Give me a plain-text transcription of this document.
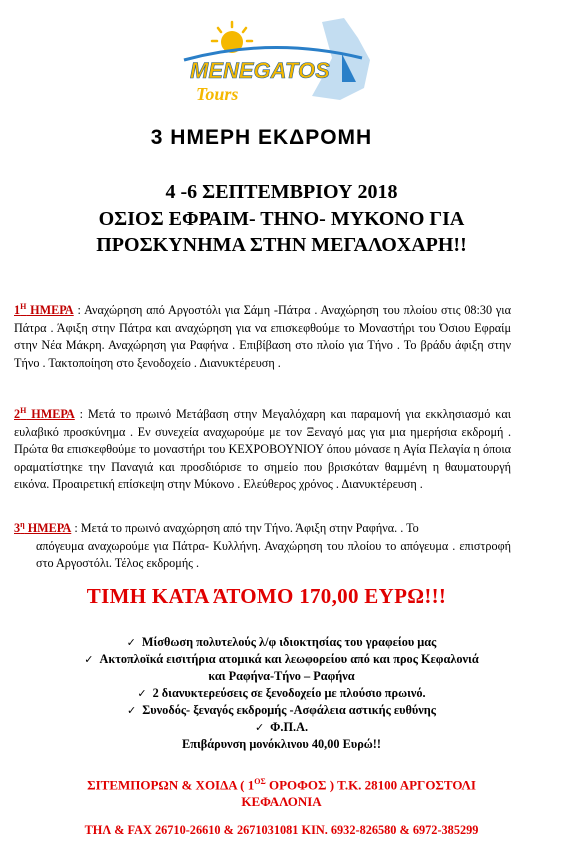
MENEGATOS
Tours
3 ΗΜΕΡΗ ΕΚΔΡΟΜΗ
4 -6 ΣΕΠΤΕΜΒΡΙΟΥ 2018
ΟΣΙΟΣ ΕΦΡΑΙΜ- ΤΗΝΟ- ΜΥΚΟΝΟ ΓΙΑ
ΠΡΟΣΚΥΝΗΜΑ ΣΤΗΝ ΜΕΓΑΛΟΧΑΡΗ!!
$1^H$ ΗΜΕΡΑ : Αναχώρηση από Αργοστόλι για Σάμη -Πάτρα . Αναχώρηση του πλοίου στις 08:30 για Πάτρα . Άφιξη στην Πάτρα και αναχώρηση για να επισκεφθούμε το Μοναστήρι του Όσιου Εφραίμ στην Νέα Μάκρη. Αναχώρηση για Ραφήνα . Επιβίβαση στο πλοίο για Τήνο . Το βράδυ άφιξη στην Τήνο . Τακτοποίηση στο ξενοδοχείο . Διανυκτέρευση .
$2^H$ ΗΜΕΡΑ : Μετά το πρωινό Μετάβαση στην Μεγαλόχαρη και παραμονή για εκκλησιασμό και ευλαβικό προσκύνημα . Εν συνεχεία αναχωρούμε με τον Ξεναγό μας για μια ημερήσια εκδρομή . Πρώτα θα επισκεφθούμε το μοναστήρι του ΚΕΧΡΟΒΟΥΝΙΟΥ όπου μόνασε η Αγία Πελαγία η όποια οραματίστηκε την Παναγιά και προσδιόρισε το σημείο που βρισκόταν θαμμένη η θαυματουργή εικόνα. Προαιρετική επίσκεψη στην Μύκονο . Ελεύθερος χρόνος . Διανυκτέρευση .
$3^\eta$ ΗΜΕΡΑ : Μετά το πρωινό αναχώρηση από την Τήνο. Άφιξη στην Ραφήνα. . Το
απόγευμα αναχωρούμε για Πάτρα- Κυλλήνη. Αναχώρηση του πλοίου το απόγευμα . επιστροφή στο Αργοστόλι. Τέλος εκδρομής .
ΤΙΜΗ ΚΑΤΑ ΆΤΟΜΟ 170,00 ΕΥΡΩ!!!
✓ Μίσθωση πολυτελούς λ/φ ιδιοκτησίας του γραφείου μας
✓ Ακτοπλοϊκά εισιτήρια ατομικά και λεωφορείου από και προς Κεφαλονιά
και Ραφήνα-Τήνο – Ραφήνα
✓ 2 διανυκτερεύσεις σε ξενοδοχείο με πλούσιο πρωινό.
✓ Συνοδός- ξεναγός εκδρομής -Ασφάλεια αστικής ευθύνης
✓ Φ.Π.Α.
Επιβάρυνση μονόκλινου 40,00 Ευρώ!!
ΣΙΤΕΜΠΟΡΩΝ & ΧΟΙΔΑ ( $1^{O\Sigma}$ ΟΡΟΦΟΣ ) Τ.Κ. 28100 ΑΡΓΟΣΤΟΛΙ
ΚΕΦΑΛΟΝΙΑ
ΤΗΛ & FAX 26710-26610 & 2671031081 ΚΙΝ. 6932-826580 & 6972-385299
